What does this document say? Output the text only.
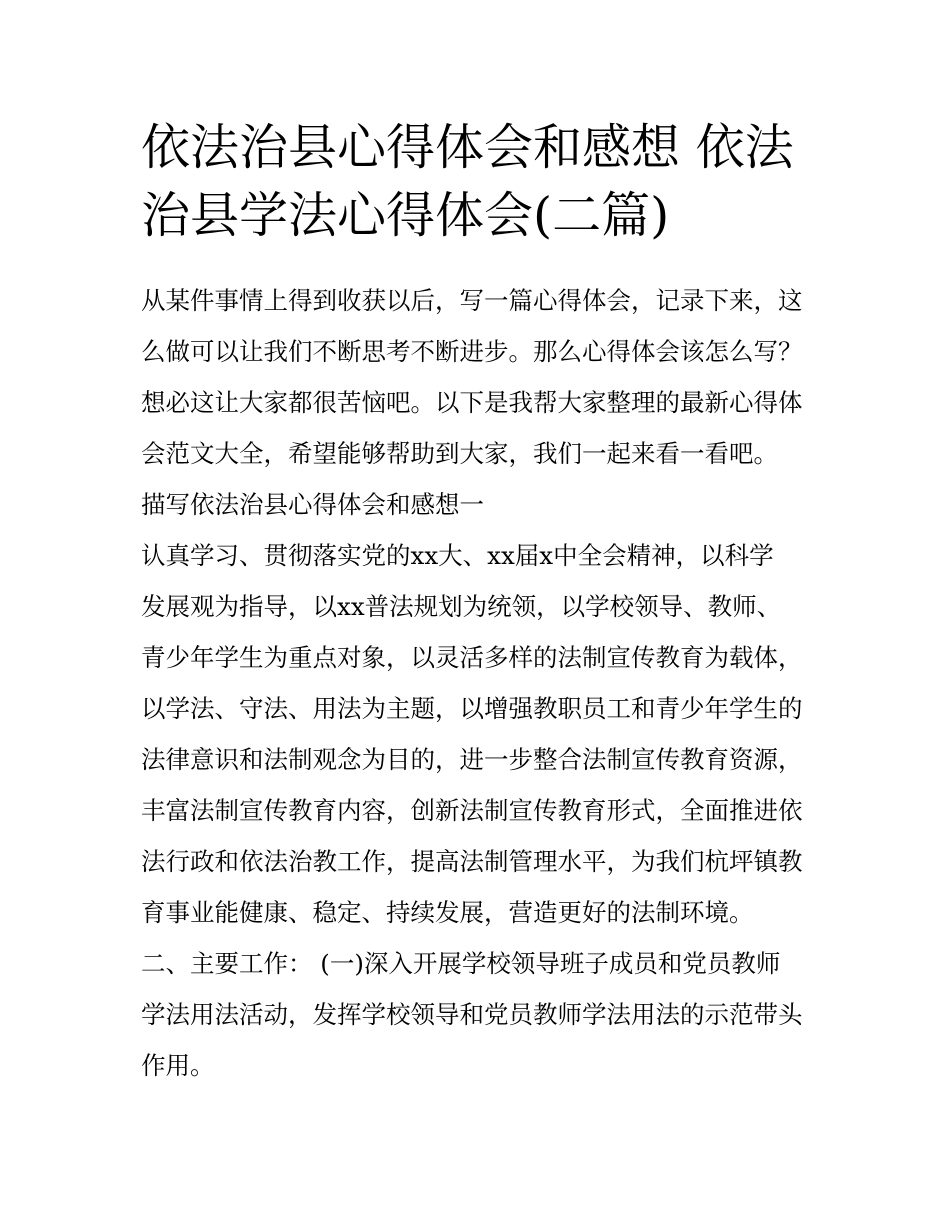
依法治县心得体会和感想 依法
治县学法心得体会(二篇)
从某件事情上得到收获以后，写一篇心得体会，记录下来，这
么做可以让我们不断思考不断进步。那么心得体会该怎么写？
想必这让大家都很苦恼吧。以下是我帮大家整理的最新心得体
会范文大全，希望能够帮助到大家，我们一起来看一看吧。
描写依法治县心得体会和感想一
认真学习、贯彻落实党的xx大、xx届x中全会精神，以科学
发展观为指导，以xx普法规划为统领，以学校领导、教师、
青少年学生为重点对象，以灵活多样的法制宣传教育为载体，
以学法、守法、用法为主题，以增强教职员工和青少年学生的
法律意识和法制观念为目的，进一步整合法制宣传教育资源，
丰富法制宣传教育内容，创新法制宣传教育形式，全面推进依
法行政和依法治教工作，提高法制管理水平，为我们杭坪镇教
育事业能健康、稳定、持续发展，营造更好的法制环境。
二、主要工作： (一)深入开展学校领导班子成员和党员教师
学法用法活动，发挥学校领导和党员教师学法用法的示范带头
作用。
